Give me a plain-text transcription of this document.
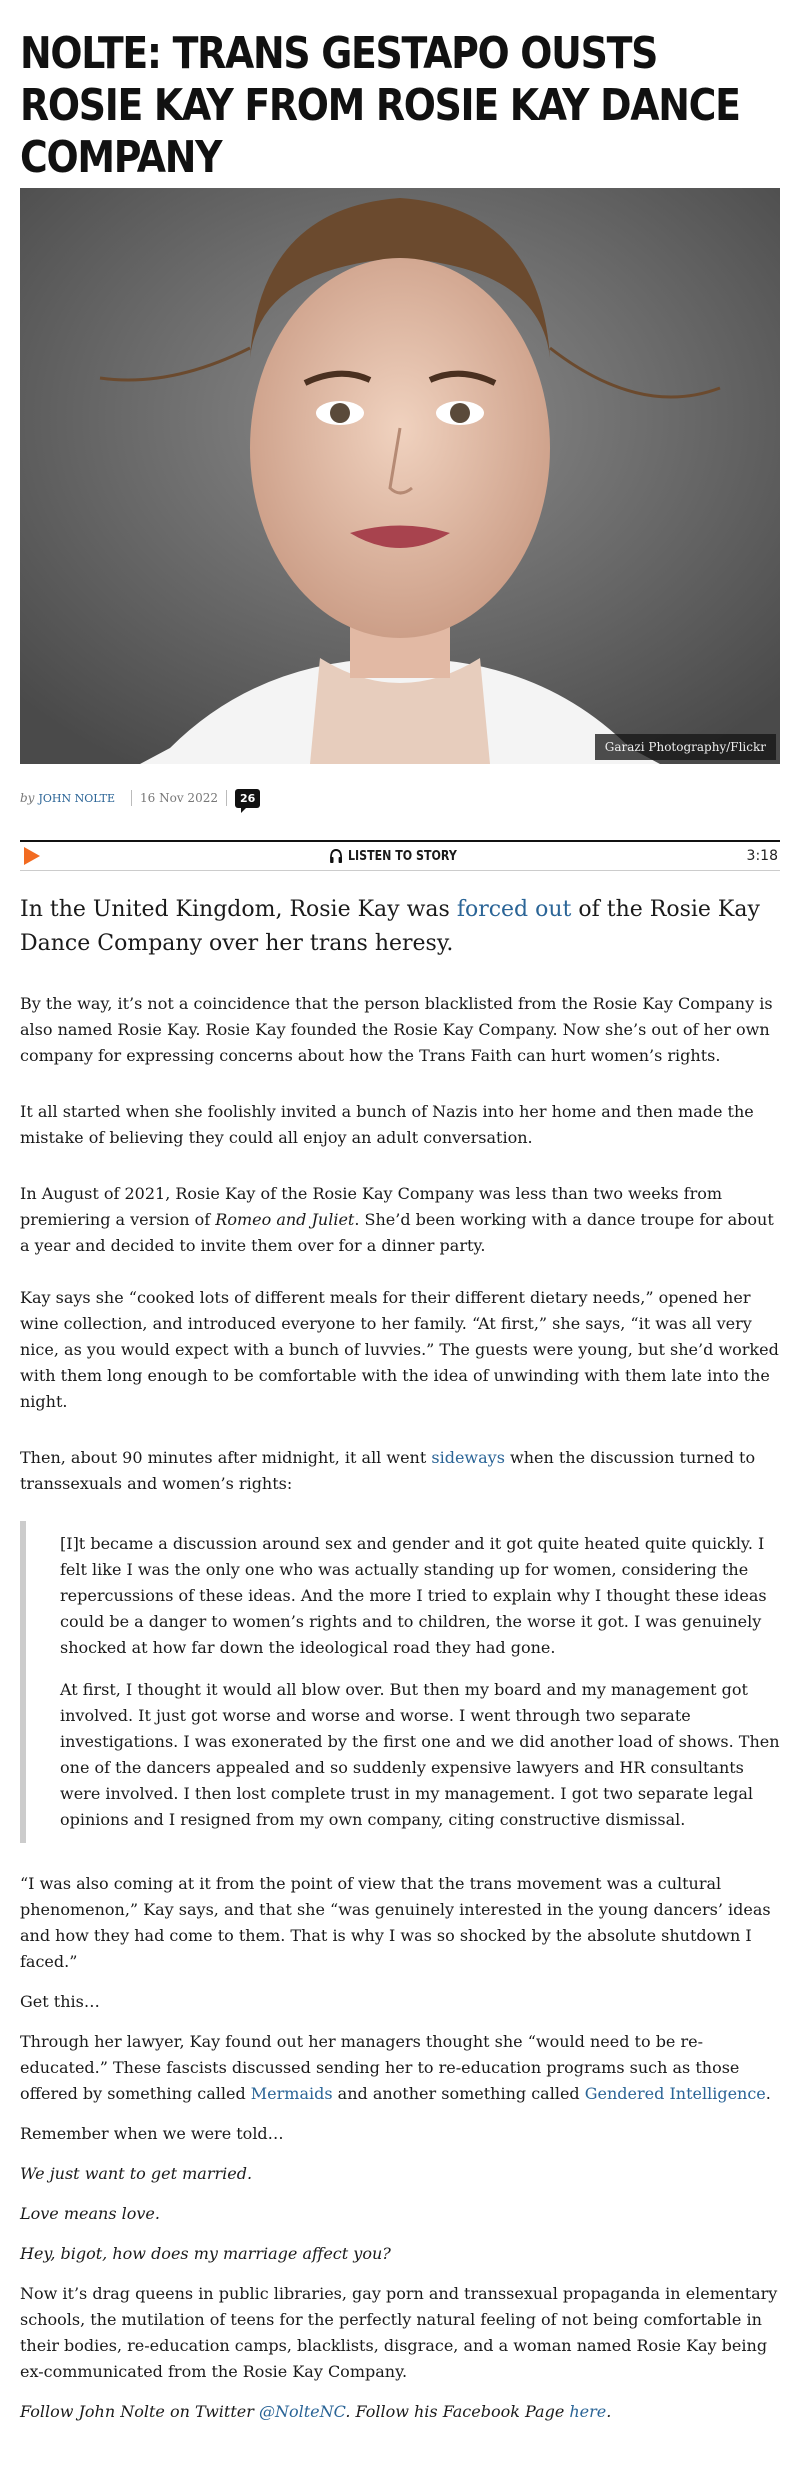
NOLTE: TRANS GESTAPO OUSTS ROSIE KAY FROM ROSIE KAY DANCE COMPANY
Garazi Photography/Flickr
by JOHN NOLTE 16 Nov 2022	26
LISTEN TO STORY	3:18
In the United Kingdom, Rosie Kay was forced out of the Rosie Kay Dance Company over her trans heresy.

By the way, it’s not a coincidence that the person blacklisted from the Rosie Kay Company is also named Rosie Kay. Rosie Kay founded the Rosie Kay Company. Now she’s out of her own company for expressing concerns about how the Trans Faith can hurt women’s rights.

It all started when she foolishly invited a bunch of Nazis into her home and then made the mistake of believing they could all enjoy an adult conversation.

In August of 2021, Rosie Kay of the Rosie Kay Company was less than two weeks from premiering a version of Romeo and Juliet. She’d been working with a dance troupe for about a year and decided to invite them over for a dinner party.

Kay says she “cooked lots of different meals for their different dietary needs,” opened her wine collection, and introduced everyone to her family. “At first,” she says, “it was all very nice, as you would expect with a bunch of luvvies.” The guests were young, but she’d worked with them long enough to be comfortable with the idea of unwinding with them late into the night.

Then, about 90 minutes after midnight, it all went sideways when the discussion turned to transsexuals and women’s rights:

[I]t became a discussion around sex and gender and it got quite heated quite quickly. I felt like I was the only one who was actually standing up for women, considering the repercussions of these ideas. And the more I tried to explain why I thought these ideas could be a danger to women’s rights and to children, the worse it got. I was genuinely shocked at how far down the ideological road they had gone.

At first, I thought it would all blow over. But then my board and my management got involved. It just got worse and worse and worse. I went through two separate investigations. I was exonerated by the first one and we did another load of shows. Then one of the dancers appealed and so suddenly expensive lawyers and HR consultants were involved. I then lost complete trust in my management. I got two separate legal opinions and I resigned from my own company, citing constructive dismissal.

“I was also coming at it from the point of view that the trans movement was a cultural phenomenon,” Kay says, and that she “was genuinely interested in the young dancers’ ideas and how they had come to them. That is why I was so shocked by the absolute shutdown I faced.”

Get this…

Through her lawyer, Kay found out her managers thought she “would need to be re-educated.” These fascists discussed sending her to re-education programs such as those offered by something called Mermaids and another something called Gendered Intelligence.

Remember when we were told…

We just want to get married.

Love means love.

Hey, bigot, how does my marriage affect you?

Now it’s drag queens in public libraries, gay porn and transsexual propaganda in elementary schools, the mutilation of teens for the perfectly natural feeling of not being comfortable in their bodies, re-education camps, blacklists, disgrace, and a woman named Rosie Kay being ex-communicated from the Rosie Kay Company.

Follow John Nolte on Twitter @NolteNC. Follow his Facebook Page here.
